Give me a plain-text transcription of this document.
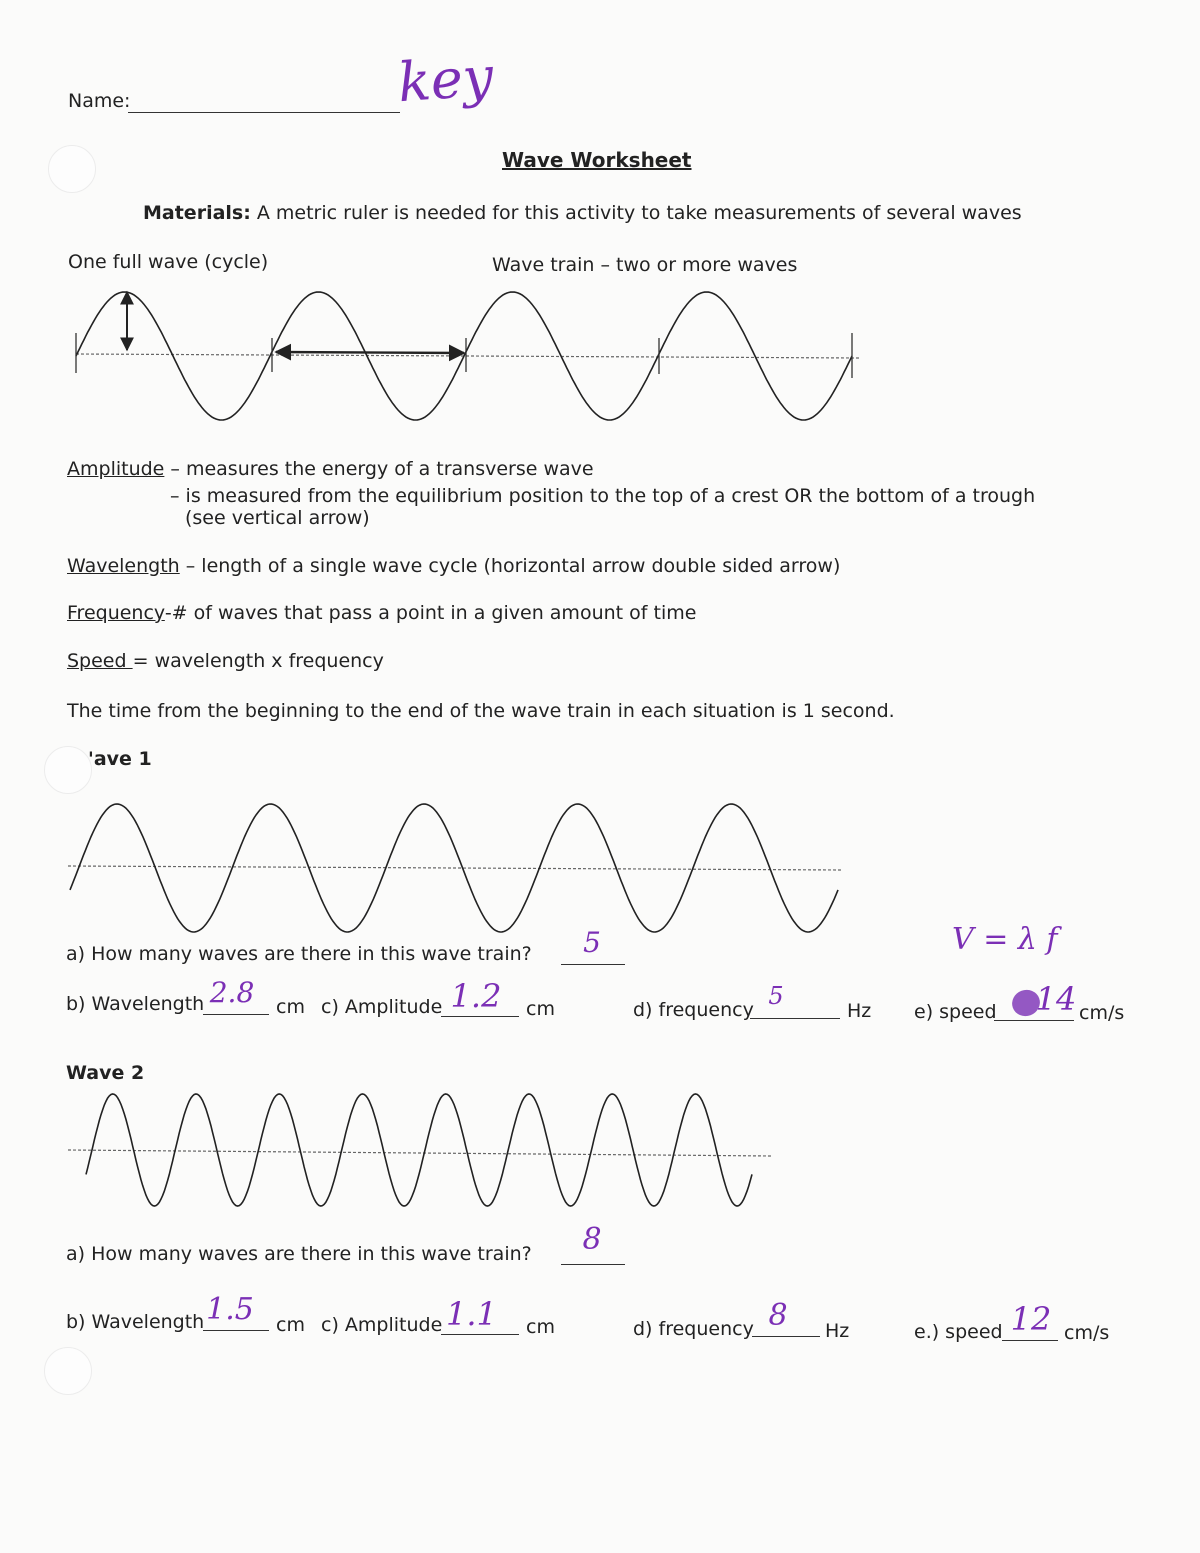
Name:	key
Wave Worksheet
Materials: A metric ruler is needed for this activity to take measurements of several waves
One full wave (cycle)	Wave train – two or more waves
Amplitude – measures the energy of a transverse wave
– is measured from the equilibrium position to the top of a crest OR the bottom of a trough
(see vertical arrow)
Wavelength – length of a single wave cycle (horizontal arrow double sided arrow)
Frequency-# of waves that pass a point in a given amount of time
Speed = wavelength x frequency
The time from the beginning to the end of the wave train in each situation is 1 second.
'ave 1
V = λ f
a) How many waves are there in this wave train?	5
b) Wavelength 2.8	cm c) Amplitude 1.2 cm	d) frequency 5
Hz e) speed 14 cm/s
Wave 2
a) How many waves are there in this wave train?	8
b) Wavelength 1.5	cm c) Amplitude 1.1 cm	d) frequency 8	Hz	e.) speed 12 cm/s
